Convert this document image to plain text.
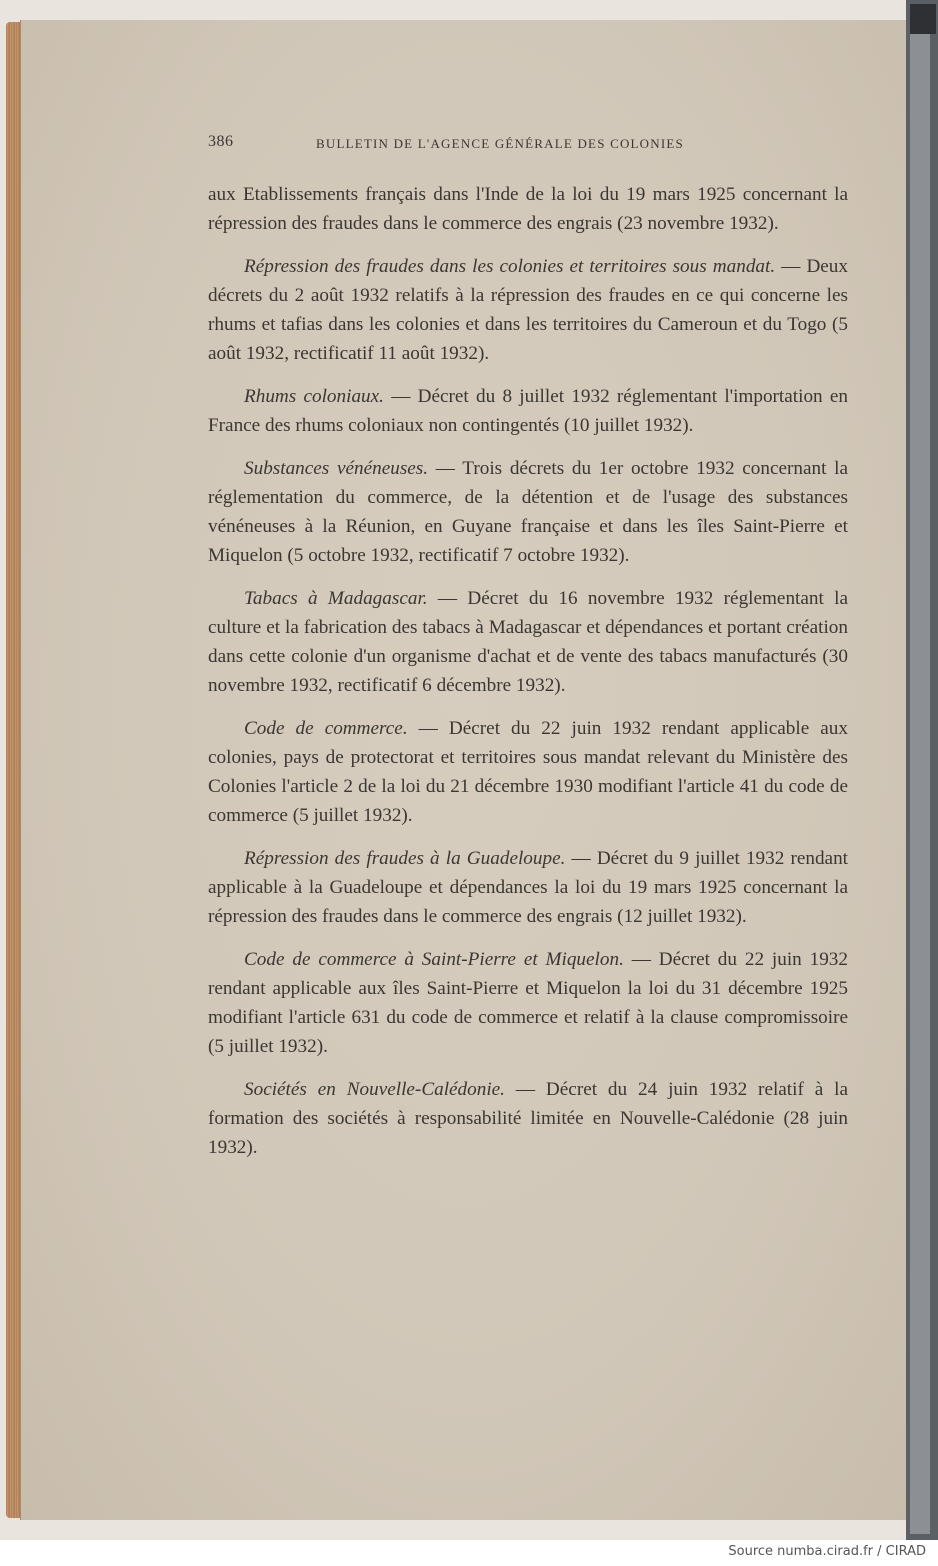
386	BULLETIN DE L'AGENCE GÉNÉRALE DES COLONIES

aux Etablissements français dans l'Inde de la loi du 19 mars 1925 concernant la répression des fraudes dans le commerce des engrais (23 novembre 1932).

Répression des fraudes dans les colonies et territoires sous mandat. — Deux décrets du 2 août 1932 relatifs à la répression des fraudes en ce qui concerne les rhums et tafias dans les colonies et dans les territoires du Cameroun et du Togo (5 août 1932, rectificatif 11 août 1932).

Rhums coloniaux. — Décret du 8 juillet 1932 réglementant l'importation en France des rhums coloniaux non contingentés (10 juillet 1932).

Substances vénéneuses. — Trois décrets du 1er octobre 1932 concernant la réglementation du commerce, de la détention et de l'usage des substances vénéneuses à la Réunion, en Guyane française et dans les îles Saint-Pierre et Miquelon (5 octobre 1932, rectificatif 7 octobre 1932).

Tabacs à Madagascar. — Décret du 16 novembre 1932 réglementant la culture et la fabrication des tabacs à Madagascar et dépendances et portant création dans cette colonie d'un organisme d'achat et de vente des tabacs manufacturés (30 novembre 1932, rectificatif 6 décembre 1932).

Code de commerce. — Décret du 22 juin 1932 rendant applicable aux colonies, pays de protectorat et territoires sous mandat relevant du Ministère des Colonies l'article 2 de la loi du 21 décembre 1930 modifiant l'article 41 du code de commerce (5 juillet 1932).

Répression des fraudes à la Guadeloupe. — Décret du 9 juillet 1932 rendant applicable à la Guadeloupe et dépendances la loi du 19 mars 1925 concernant la répression des fraudes dans le commerce des engrais (12 juillet 1932).

Code de commerce à Saint-Pierre et Miquelon. — Décret du 22 juin 1932 rendant applicable aux îles Saint-Pierre et Miquelon la loi du 31 décembre 1925 modifiant l'article 631 du code de commerce et relatif à la clause compromissoire (5 juillet 1932).

Sociétés en Nouvelle-Calédonie. — Décret du 24 juin 1932 relatif à la formation des sociétés à responsabilité limitée en Nouvelle-Calédonie (28 juin 1932).

Source numba.cirad.fr / CIRAD
